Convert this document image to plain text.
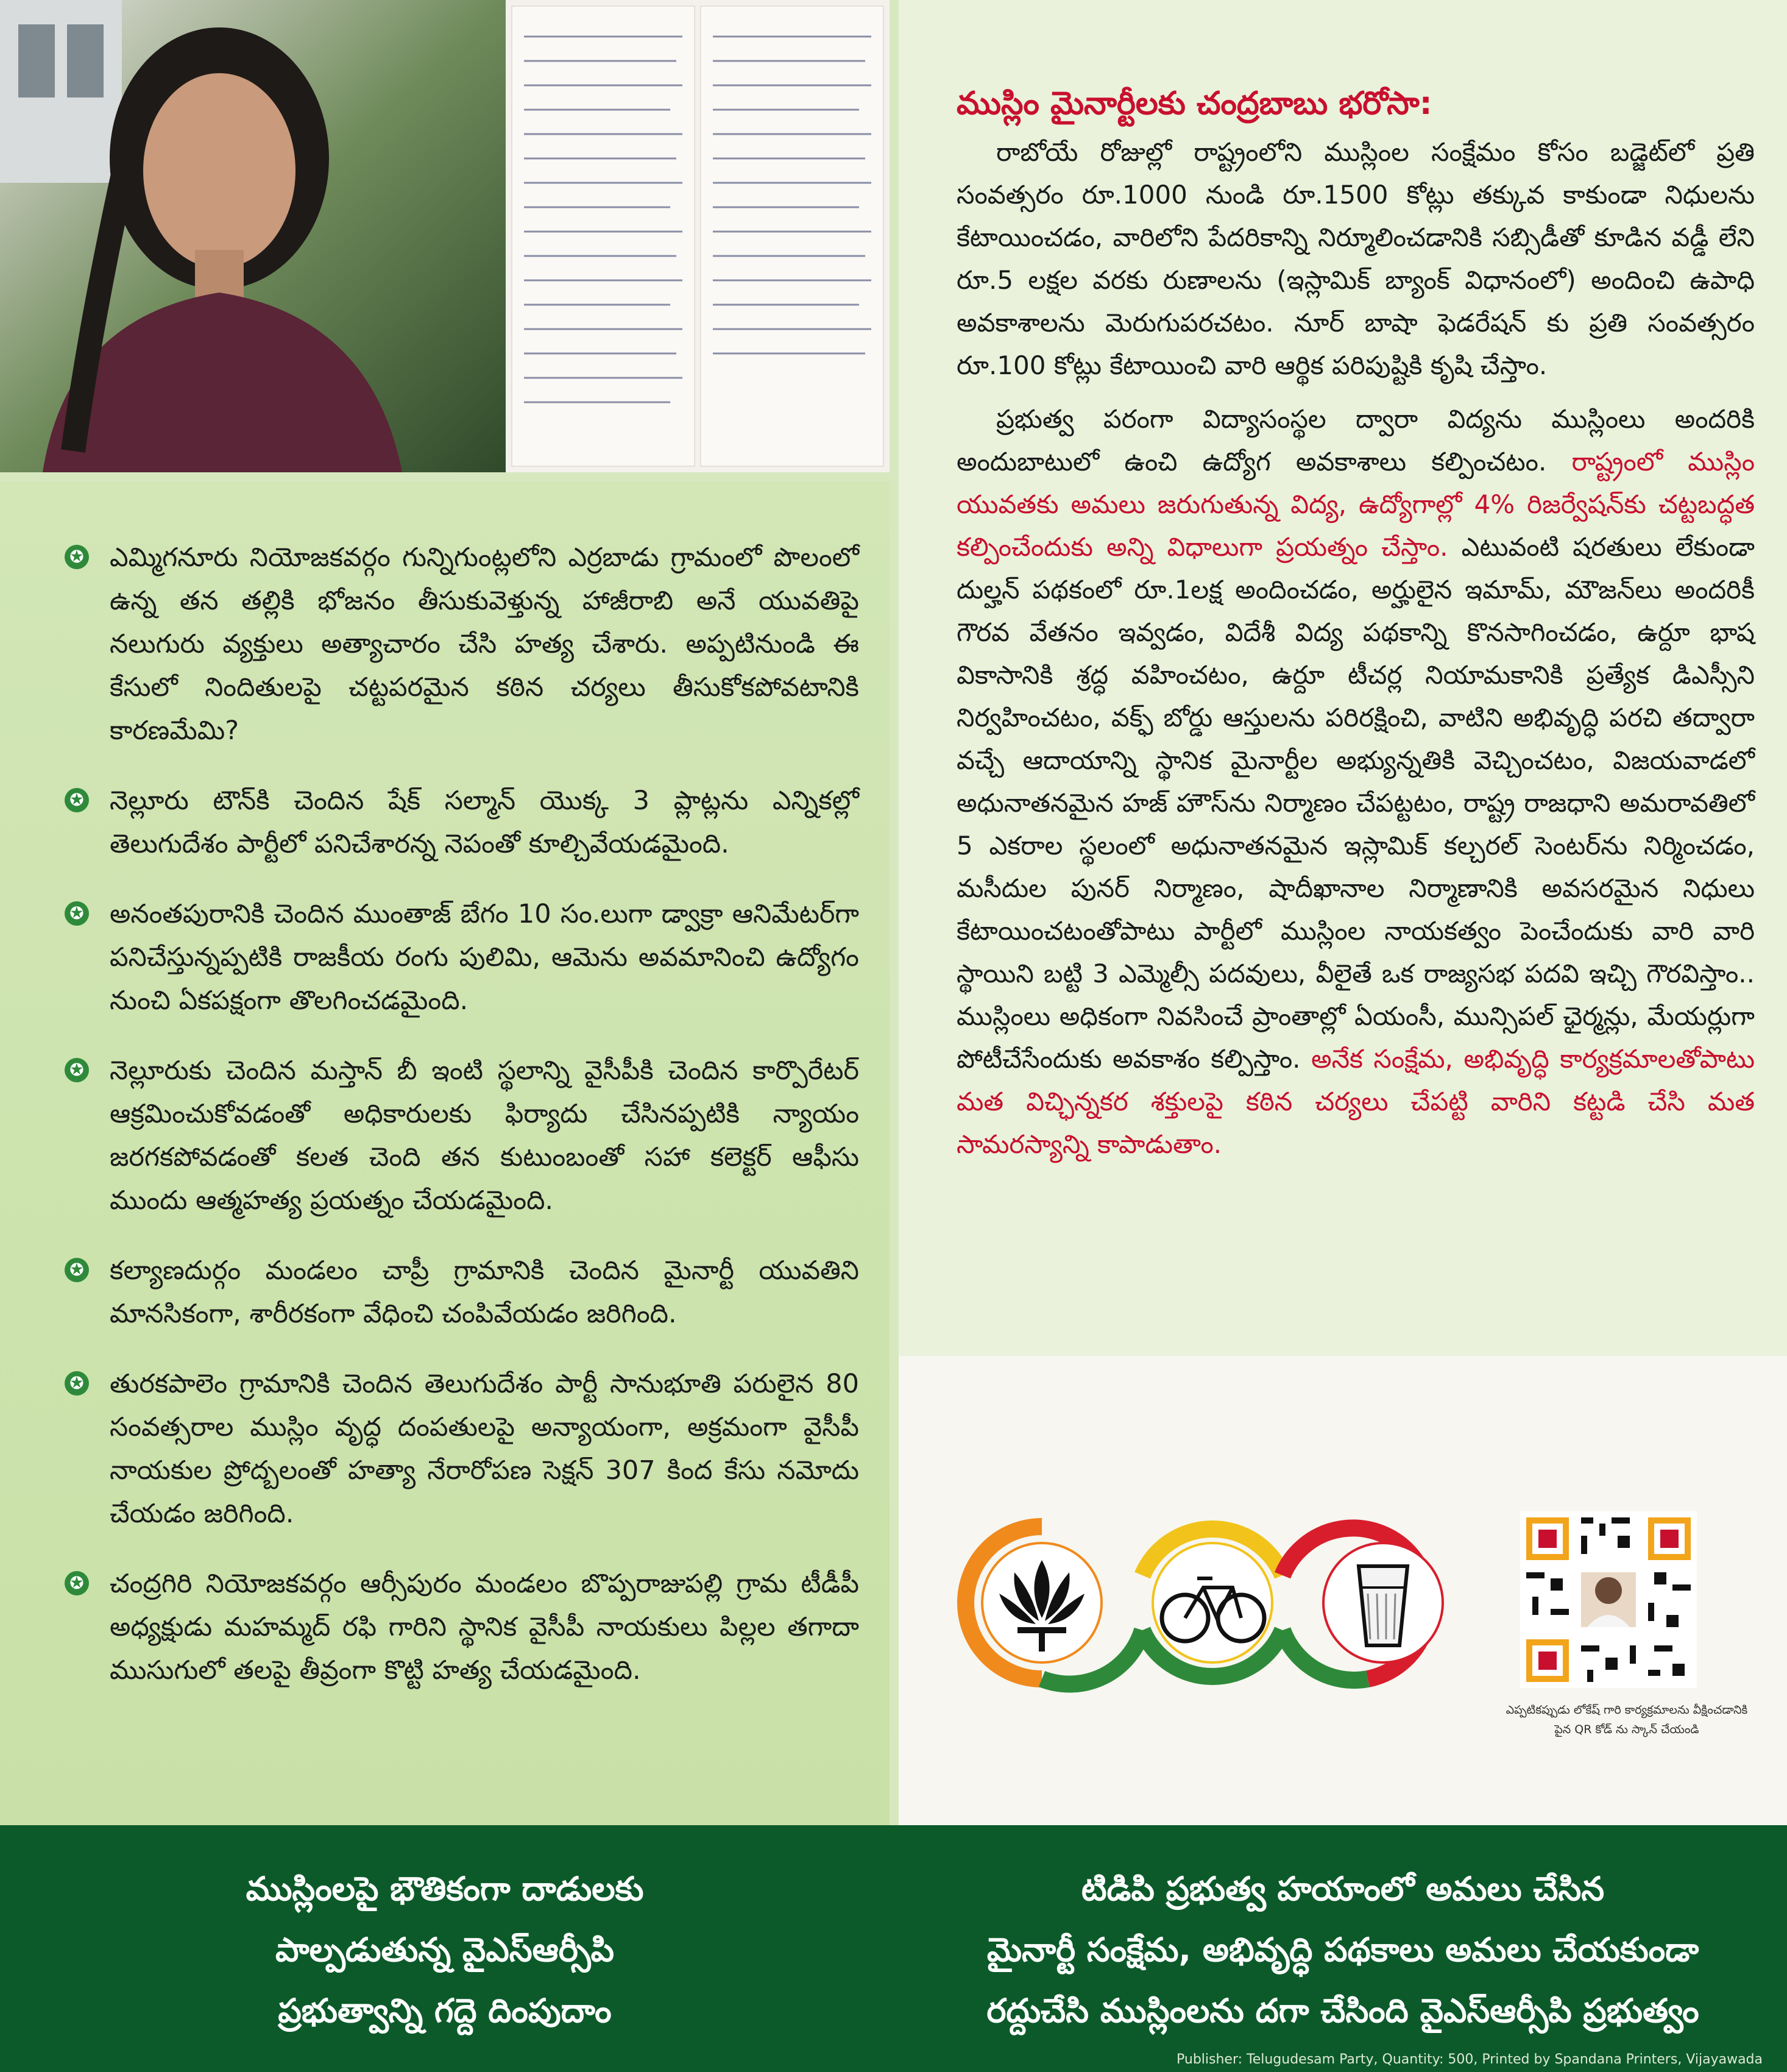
✪ ఎమ్మిగనూరు నియోజకవర్గం గున్నిగుంట్లలోని ఎర్రబాడు గ్రామంలో పొలంలో ఉన్న తన తల్లికి భోజనం తీసుకువెళ్తున్న హాజీరాబి అనే యువతిపై నలుగురు వ్యక్తులు అత్యాచారం చేసి హత్య చేశారు. అప్పటినుండి ఈ కేసులో నిందితులపై చట్టపరమైన కఠిన చర్యలు తీసుకోకపోవటానికి కారణమేమి?
✪ నెల్లూరు టౌన్‌కి చెందిన షేక్ సల్మాన్ యొక్క 3 ప్లాట్లను ఎన్నికల్లో తెలుగుదేశం పార్టీలో పనిచేశారన్న నెపంతో కూల్చివేయడమైంది.
✪ అనంతపురానికి చెందిన ముంతాజ్ బేగం 10 సం.లుగా డ్వాక్రా ఆనిమేటర్‌గా పనిచేస్తున్నప్పటికి రాజకీయ రంగు పులిమి, ఆమెను అవమానించి ఉద్యోగం నుంచి ఏకపక్షంగా తొలగించడమైంది.
✪ నెల్లూరుకు చెందిన మస్తాన్ బీ ఇంటి స్థలాన్ని వైసీపీకి చెందిన కార్పొరేటర్ ఆక్రమించుకోవడంతో అధికారులకు ఫిర్యాదు చేసినప్పటికి న్యాయం జరగకపోవడంతో కలత చెంది తన కుటుంబంతో సహా కలెక్టర్ ఆఫీసు ముందు ఆత్మహత్య ప్రయత్నం చేయడమైంది.
✪ కల్యాణదుర్గం మండలం చాప్రీ గ్రామానికి చెందిన మైనార్టీ యువతిని మానసికంగా, శారీరకంగా వేధించి చంపివేయడం జరిగింది.
✪ తురకపాలెం గ్రామానికి చెందిన తెలుగుదేశం పార్టీ సానుభూతి పరులైన 80 సంవత్సరాల ముస్లిం వృద్ధ దంపతులపై అన్యాయంగా, అక్రమంగా వైసీపీ నాయకుల ప్రోద్బలంతో హత్యా నేరారోపణ సెక్షన్ 307 కింద కేసు నమోదు చేయడం జరిగింది.
✪ చంద్రగిరి నియోజకవర్గం ఆర్సీపురం మండలం బొప్పరాజుపల్లి గ్రామ టీడీపీ అధ్యక్షుడు మహమ్మద్ రఫి గారిని స్థానిక వైసీపీ నాయకులు పిల్లల తగాదా ముసుగులో తలపై తీవ్రంగా కొట్టి హత్య చేయడమైంది.
ముస్లిం మైనార్టీలకు చంద్రబాబు భరోసా:

రాబోయే రోజుల్లో రాష్ట్రంలోని ముస్లింల సంక్షేమం కోసం బడ్జెట్‌లో ప్రతి సంవత్సరం రూ.1000 నుండి రూ.1500 కోట్లు తక్కువ కాకుండా నిధులను కేటాయించడం, వారిలోని పేదరికాన్ని నిర్మూలించడానికి సబ్సిడీతో కూడిన వడ్డీ లేని రూ.5 లక్షల వరకు రుణాలను (ఇస్లామిక్ బ్యాంక్ విధానంలో) అందించి ఉపాధి అవకాశాలను మెరుగుపరచటం. నూర్ బాషా ఫెడరేషన్ కు ప్రతి సంవత్సరం రూ.100 కోట్లు కేటాయించి వారి ఆర్థిక పరిపుష్టికి కృషి చేస్తాం.

ప్రభుత్వ పరంగా విద్యాసంస్థల ద్వారా విద్యను ముస్లింలు అందరికి అందుబాటులో ఉంచి ఉద్యోగ అవకాశాలు కల్పించటం. రాష్ట్రంలో ముస్లిం యువతకు అమలు జరుగుతున్న విద్య, ఉద్యోగాల్లో 4% రిజర్వేషన్‌కు చట్టబద్ధత కల్పించేందుకు అన్ని విధాలుగా ప్రయత్నం చేస్తాం. ఎటువంటి షరతులు లేకుండా దుల్హన్ పథకంలో రూ.1లక్ష అందించడం, అర్హులైన ఇమామ్, మౌజన్‌లు అందరికీ గౌరవ వేతనం ఇవ్వడం, విదేశీ విద్య పథకాన్ని కొనసాగించడం, ఉర్దూ భాష వికాసానికి శ్రద్ధ వహించటం, ఉర్దూ టీచర్ల నియామకానికి ప్రత్యేక డిఎస్సీని నిర్వహించటం, వక్ఫ్ బోర్డు ఆస్తులను పరిరక్షించి, వాటిని అభివృద్ధి పరచి తద్వారా వచ్చే ఆదాయాన్ని స్థానిక మైనార్టీల అభ్యున్నతికి వెచ్చించటం, విజయవాడలో అధునాతనమైన హజ్ హౌస్‌ను నిర్మాణం చేపట్టటం, రాష్ట్ర రాజధాని అమరావతిలో 5 ఎకరాల స్థలంలో అధునాతనమైన ఇస్లామిక్ కల్చరల్ సెంటర్‌ను నిర్మించడం, మసీదుల పునర్ నిర్మాణం, షాదీఖానాల నిర్మాణానికి అవసరమైన నిధులు కేటాయించటంతోపాటు పార్టీలో ముస్లింల నాయకత్వం పెంచేందుకు వారి వారి స్థాయిని బట్టి 3 ఎమ్మెల్సీ పదవులు, వీలైతే ఒక రాజ్యసభ పదవి ఇచ్చి గౌరవిస్తాం.. ముస్లింలు అధికంగా నివసించే ప్రాంతాల్లో ఏయంసీ, మున్సిపల్ ఛైర్మన్లు, మేయర్లుగా పోటీచేసేందుకు అవకాశం కల్పిస్తాం. అనేక సంక్షేమ, అభివృద్ధి కార్యక్రమాలతోపాటు మత విచ్ఛిన్నకర శక్తులపై కఠిన చర్యలు చేపట్టి వారిని కట్టడి చేసి మత సామరస్యాన్ని కాపాడుతాం.

ఎప్పటికప్పుడు లోకేష్ గారి కార్యక్రమాలను వీక్షించడానికి
పైన QR కోడ్ ను స్కాన్ చేయండి
ముస్లింలపై భౌతికంగా దాడులకు
పాల్పడుతున్న వైఎస్ఆర్సీపి
ప్రభుత్వాన్ని గద్దె దింపుదాం
టిడిపి ప్రభుత్వ హయాంలో అమలు చేసిన
మైనార్టీ సంక్షేమ, అభివృద్ధి పథకాలు అమలు చేయకుండా
రద్దుచేసి ముస్లింలను దగా చేసింది వైఎస్ఆర్సీపి ప్రభుత్వం
Publisher: Telugudesam Party, Quantity: 500, Printed by Spandana Printers, Vijayawada
